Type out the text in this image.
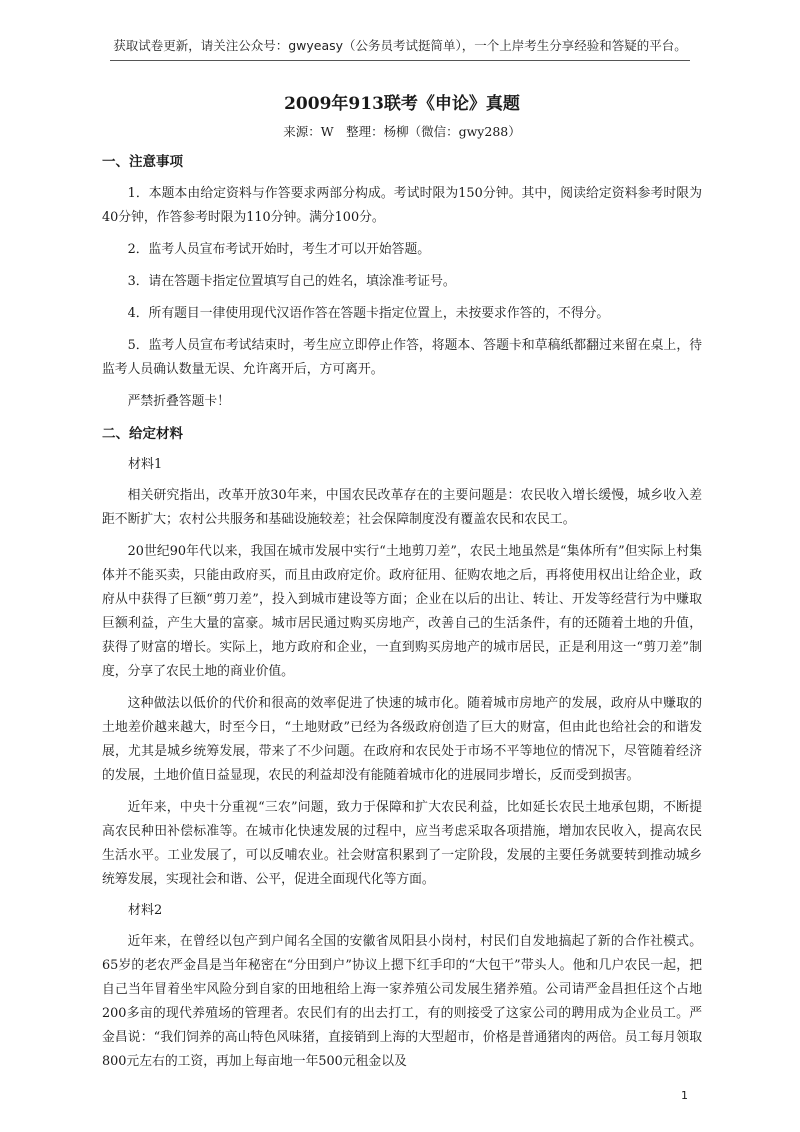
获取试卷更新，请关注公众号：gwyeasy（公务员考试挺简单），一个上岸考生分享经验和答疑的平台。
2009年913联考《申论》真题
来源：W　整理：杨柳（微信：gwy288）
一、注意事项

1．本题本由给定资料与作答要求两部分构成。考试时限为150分钟。其中，阅读给定资料参考时限为40分钟，作答参考时限为110分钟。满分100分。

2．监考人员宣布考试开始时，考生才可以开始答题。

3．请在答题卡指定位置填写自己的姓名，填涂准考证号。

4．所有题目一律使用现代汉语作答在答题卡指定位置上，未按要求作答的，不得分。

5．监考人员宣布考试结束时，考生应立即停止作答，将题本、答题卡和草稿纸都翻过来留在桌上，待监考人员确认数量无误、允许离开后，方可离开。

严禁折叠答题卡！

二、给定材料
材料1

相关研究指出，改革开放30年来，中国农民改革存在的主要问题是：农民收入增长缓慢，城乡收入差距不断扩大；农村公共服务和基础设施较差；社会保障制度没有覆盖农民和农民工。

20世纪90年代以来，我国在城市发展中实行“土地剪刀差”，农民土地虽然是“集体所有”但实际上村集体并不能买卖，只能由政府买，而且由政府定价。政府征用、征购农地之后，再将使用权出让给企业，政府从中获得了巨额“剪刀差”，投入到城市建设等方面；企业在以后的出让、转让、开发等经营行为中赚取巨额利益，产生大量的富豪。城市居民通过购买房地产，改善自己的生活条件，有的还随着土地的升值，获得了财富的增长。实际上，地方政府和企业，一直到购买房地产的城市居民，正是利用这一“剪刀差”制度，分享了农民土地的商业价值。

这种做法以低价的代价和很高的效率促进了快速的城市化。随着城市房地产的发展，政府从中赚取的土地差价越来越大，时至今日，“土地财政”已经为各级政府创造了巨大的财富，但由此也给社会的和谐发展，尤其是城乡统筹发展，带来了不少问题。在政府和农民处于市场不平等地位的情况下，尽管随着经济的发展，土地价值日益显现，农民的利益却没有能随着城市化的进展同步增长，反而受到损害。

近年来，中央十分重视“三农”问题，致力于保障和扩大农民利益，比如延长农民土地承包期，不断提高农民种田补偿标准等。在城市化快速发展的过程中，应当考虑采取各项措施，增加农民收入，提高农民生活水平。工业发展了，可以反哺农业。社会财富积累到了一定阶段，发展的主要任务就要转到推动城乡统筹发展，实现社会和谐、公平，促进全面现代化等方面。

材料2

近年来，在曾经以包产到户闻名全国的安徽省凤阳县小岗村，村民们自发地搞起了新的合作社模式。65岁的老农严金昌是当年秘密在“分田到户”协议上摁下红手印的“大包干”带头人。他和几户农民一起，把自己当年冒着坐牢风险分到自家的田地租给上海一家养殖公司发展生猪养殖。公司请严金昌担任这个占地200多亩的现代养殖场的管理者。农民们有的出去打工，有的则接受了这家公司的聘用成为企业员工。严金昌说：“我们饲养的高山特色风味猪，直接销到上海的大型超市，价格是普通猪肉的两倍。员工每月领取800元左右的工资，再加上每亩地一年500元租金以及

1
